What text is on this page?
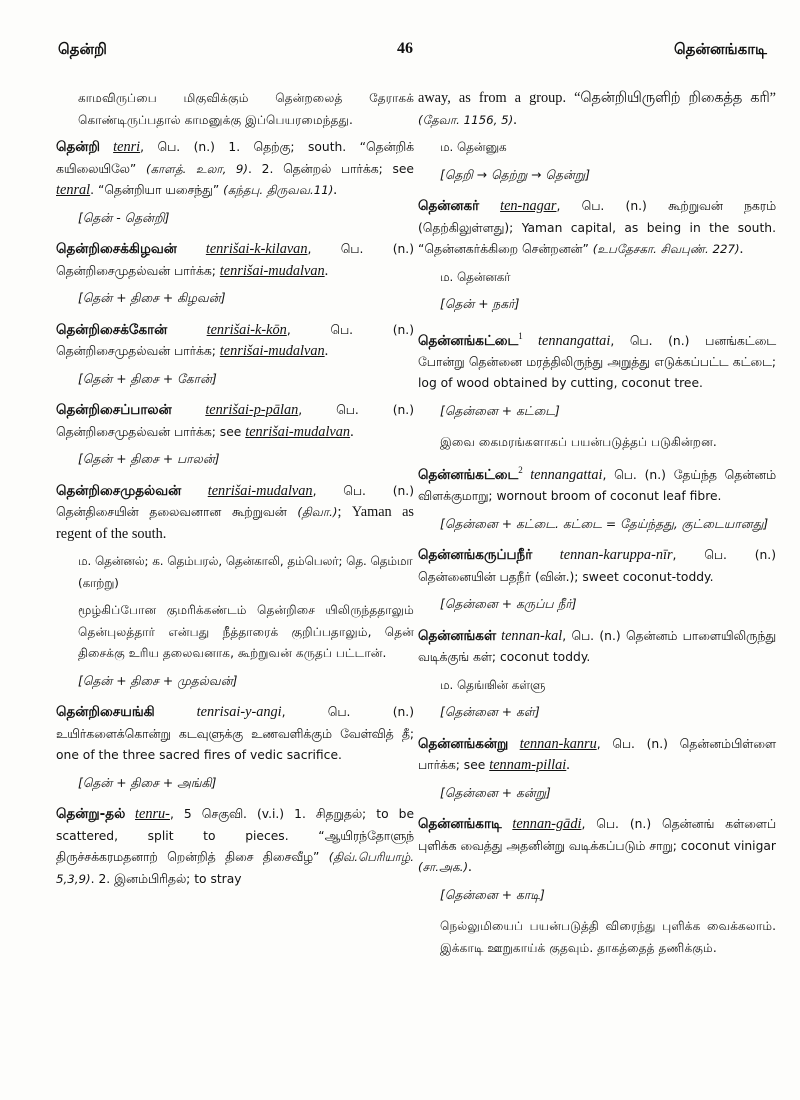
தென்றி	46	தென்னங்காடி

காமவிருப்பை மிகுவிக்கும் தென்றலைத் தேராகக் கொண்டிருப்பதால் காமனுக்கு இப்பெயரமைந்தது.

தென்றி tenri, பெ. (n.) 1. தெற்கு; south. “தென்றிக் கயிலையிலே” (காளத். உலா, 9). 2. தென்றல் பார்க்க; see tenral. “தென்றியா யசைந்து” (கந்தபு. திருவவ.11).

[தென் - தென்றி]

தென்றிசைக்கிழவன் tenrišai-k-kilavan, பெ. (n.) தென்றிசைமுதல்வன் பார்க்க; tenrišai-mudalvan.

[தென் + திசை + கிழவன்]

தென்றிசைக்கோன்	tenrišai-k-kōn, பெ. (n.) தென்றிசைமுதல்வன் பார்க்க; tenrišai-mudalvan.

[தென் + திசை + கோன்]

தென்றிசைப்பாலன் tenrišai-p-pālan, பெ. (n.) தென்றிசைமுதல்வன் பார்க்க; see tenrišai-mudalvan.

[தென் + திசை + பாலன்]

தென்றிசைமுதல்வன் tenrišai-mudalvan, பெ. (n.) தென்திசையின் தலைவனான கூற்றுவன் (திவா.); Yaman as regent of the south.

ம. தென்னல்; க. தெம்பரல், தென்காலி, தம்பெலர்; தெ. தெம்மா (காற்று)
மூழ்கிப்போன குமரிக்கண்டம் தென்றிசை யிலிருந்ததாலும் தென்புலத்தார் என்பது நீத்தாரைக் குறிப்பதாலும், தென் திசைக்கு உரிய தலைவனாக, கூற்றுவன் கருதப் பட்டான்.
[தென் + திசை + முதல்வன்]

தென்றிசையங்கி	tenrisai-y-angi, பெ. (n.) உயிர்களைக்கொன்று கடவுளுக்கு உணவளிக்கும் வேள்வித் தீ; one of the three sacred fires of vedic sacrifice.

[தென் + திசை + அங்கி]

தென்று-தல் tenru-, 5 செகுவி. (v.i.) 1. சிதறுதல்; to be scattered, split to pieces. “ஆயிரந்தோளுந் திருச்சக்கரமதனாற் றென்றித் திசை திசைவீழ” (திவ்.பெரியாழ். 5,3,9). 2. இனம்பிரிதல்; to stray

away, as from a group. “தென்றியிருளிற் றிகைத்த கரி” (தேவா. 1156, 5).

ம. தென்னுக
[தெறி → தெற்று → தென்று]

தென்னகர் ten-nagar, பெ. (n.) கூற்றுவன் நகரம் (தெற்கிலுள்ளது); Yaman capital, as being in the south. “தென்னகர்க்கிறை சென்றனன்” (உபதேசகா. சிவபுண். 227).

ம. தென்னகர்
[தென் + நகர்]

தென்னங்கட்டை$^1$ tennangattai, பெ. (n.) பனங்கட்டை போன்று தென்னை மரத்திலிருந்து அறுத்து எடுக்கப்பட்ட கட்டை; log of wood obtained by cutting, coconut tree.

[தென்னை + கட்டை]
இவை கைமரங்களாகப் பயன்படுத்தப் படுகின்றன.

தென்னங்கட்டை$^2$ tennangattai, பெ. (n.) தேய்ந்த தென்னம் விளக்குமாறு; wornout broom of coconut leaf fibre.

[தென்னை + கட்டை. கட்டை = தேய்ந்தது, குட்டையானது]

தென்னங்கருப்பநீர் tennan-karuppa-nīr, பெ. (n.) தென்னையின் பதநீர் (வின்.); sweet coconut-toddy.

[தென்னை + கருப்ப நீர்]

தென்னங்கள் tennan-kal, பெ. (n.) தென்னம் பாளையிலிருந்து வடிக்குங் கள்; coconut toddy.

ம. தெங்ஙின் கள்ளு
[தென்னை + கள்]

தென்னங்கன்று tennan-kanru, பெ. (n.) தென்னம்பிள்ளை பார்க்க; see tennam-pillai.

[தென்னை + கன்று]

தென்னங்காடி tennan-gādi, பெ. (n.) தென்னங் கள்ளைப் புளிக்க வைத்து அதனின்று வடிக்கப்படும் சாறு; coconut vinigar (சா.அக.).

[தென்னை + காடி]
நெல்லுமியைப் பயன்படுத்தி விரைந்து புளிக்க வைக்கலாம். இக்காடி ஊறுகாய்க் குதவும். தாகத்தைத் தணிக்கும்.
